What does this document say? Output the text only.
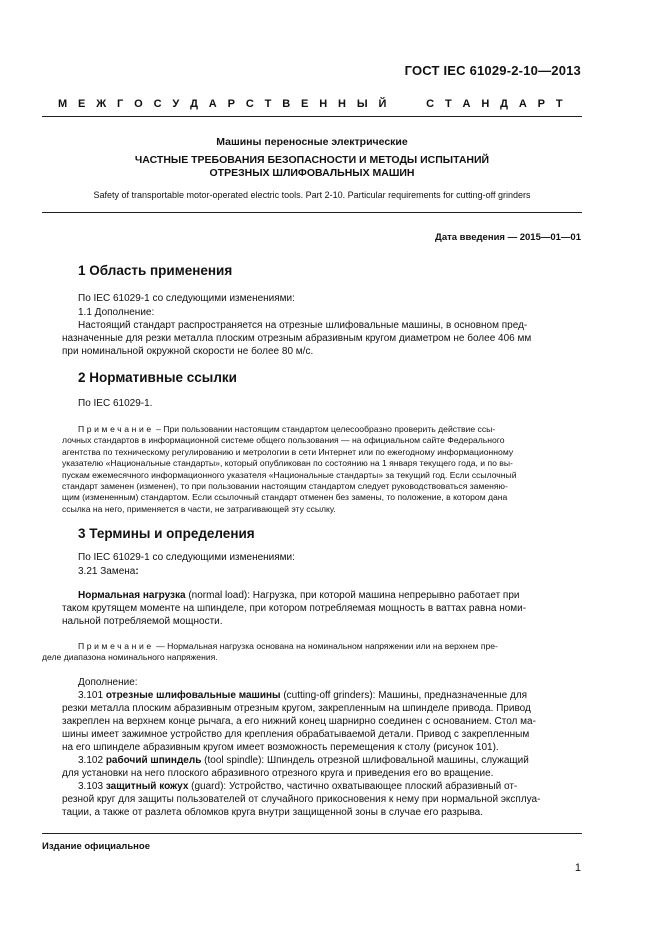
ГОСТ IEC 61029-2-10—2013
М Е Ж Г О С У Д А Р С Т В Е Н Н Ы Й	С Т А Н Д А Р Т
Машины переносные электрические
ЧАСТНЫЕ ТРЕБОВАНИЯ БЕЗОПАСНОСТИ И МЕТОДЫ ИСПЫТАНИЙ
ОТРЕЗНЫХ ШЛИФОВАЛЬНЫХ МАШИН
Safety of transportable motor-operated electric tools. Part 2-10. Particular requirements for cutting-off grinders
Дата введения — 2015—01—01
1 Область применения
По IEC 61029-1 со следующими изменениями:
1.1 Дополнение:
Настоящий стандарт распространяется на отрезные шлифовальные машины, в основном пред-
назначенные для резки металла плоским отрезным абразивным кругом диаметром не более 406 мм
при номинальной окружной скорости не более 80 м/с.
2 Нормативные ссылки
По IEC 61029-1.
Примечание – При пользовании настоящим стандартом целесообразно проверить действие ссы-
лочных стандартов в информационной системе общего пользования — на официальном сайте Федерального
агентства по техническому регулированию и метрологии в сети Интернет или по ежегодному информационному
указателю «Национальные стандарты», который опубликован по состоянию на 1 января текущего года, и по вы-
пускам ежемесячного информационного указателя «Национальные стандарты» за текущий год. Если ссылочный
стандарт заменен (изменен), то при пользовании настоящим стандартом следует руководствоваться заменяю-
щим (измененным) стандартом. Если ссылочный стандарт отменен без замены, то положение, в котором дана
ссылка на него, применяется в части, не затрагивающей эту ссылку.
3 Термины и определения
По IEC 61029-1 со следующими изменениями:
3.21 Замена:
Нормальная нагрузка (normal load): Нагрузка, при которой машина непрерывно работает при
таком крутящем моменте на шпинделе, при котором потребляемая мощность в ваттах равна номи-
нальной потребляемой мощности.
Примечание — Нормальная нагрузка основана на номинальном напряжении или на верхнем пре-
деле диапазона номинального напряжения.
Дополнение:
3.101 отрезные шлифовальные машины (cutting-off grinders): Машины, предназначенные для
резки металла плоским абразивным отрезным кругом, закрепленным на шпинделе привода. Привод
закреплен на верхнем конце рычага, а его нижний конец шарнирно соединен с основанием. Стол ма-
шины имеет зажимное устройство для крепления обрабатываемой детали. Привод с закрепленным
на его шпинделе абразивным кругом имеет возможность перемещения к столу (рисунок 101).
3.102 рабочий шпиндель (tool spindle): Шпиндель отрезной шлифовальной машины, служащий
для установки на него плоского абразивного отрезного круга и приведения его во вращение.
3.103 защитный кожух (guard): Устройство, частично охватывающее плоский абразивный от-
резной круг для защиты пользователей от случайного прикосновения к нему при нормальной эксплуа-
тации, а также от разлета обломков круга внутри защищенной зоны в случае его разрыва.
Издание официальное
1
